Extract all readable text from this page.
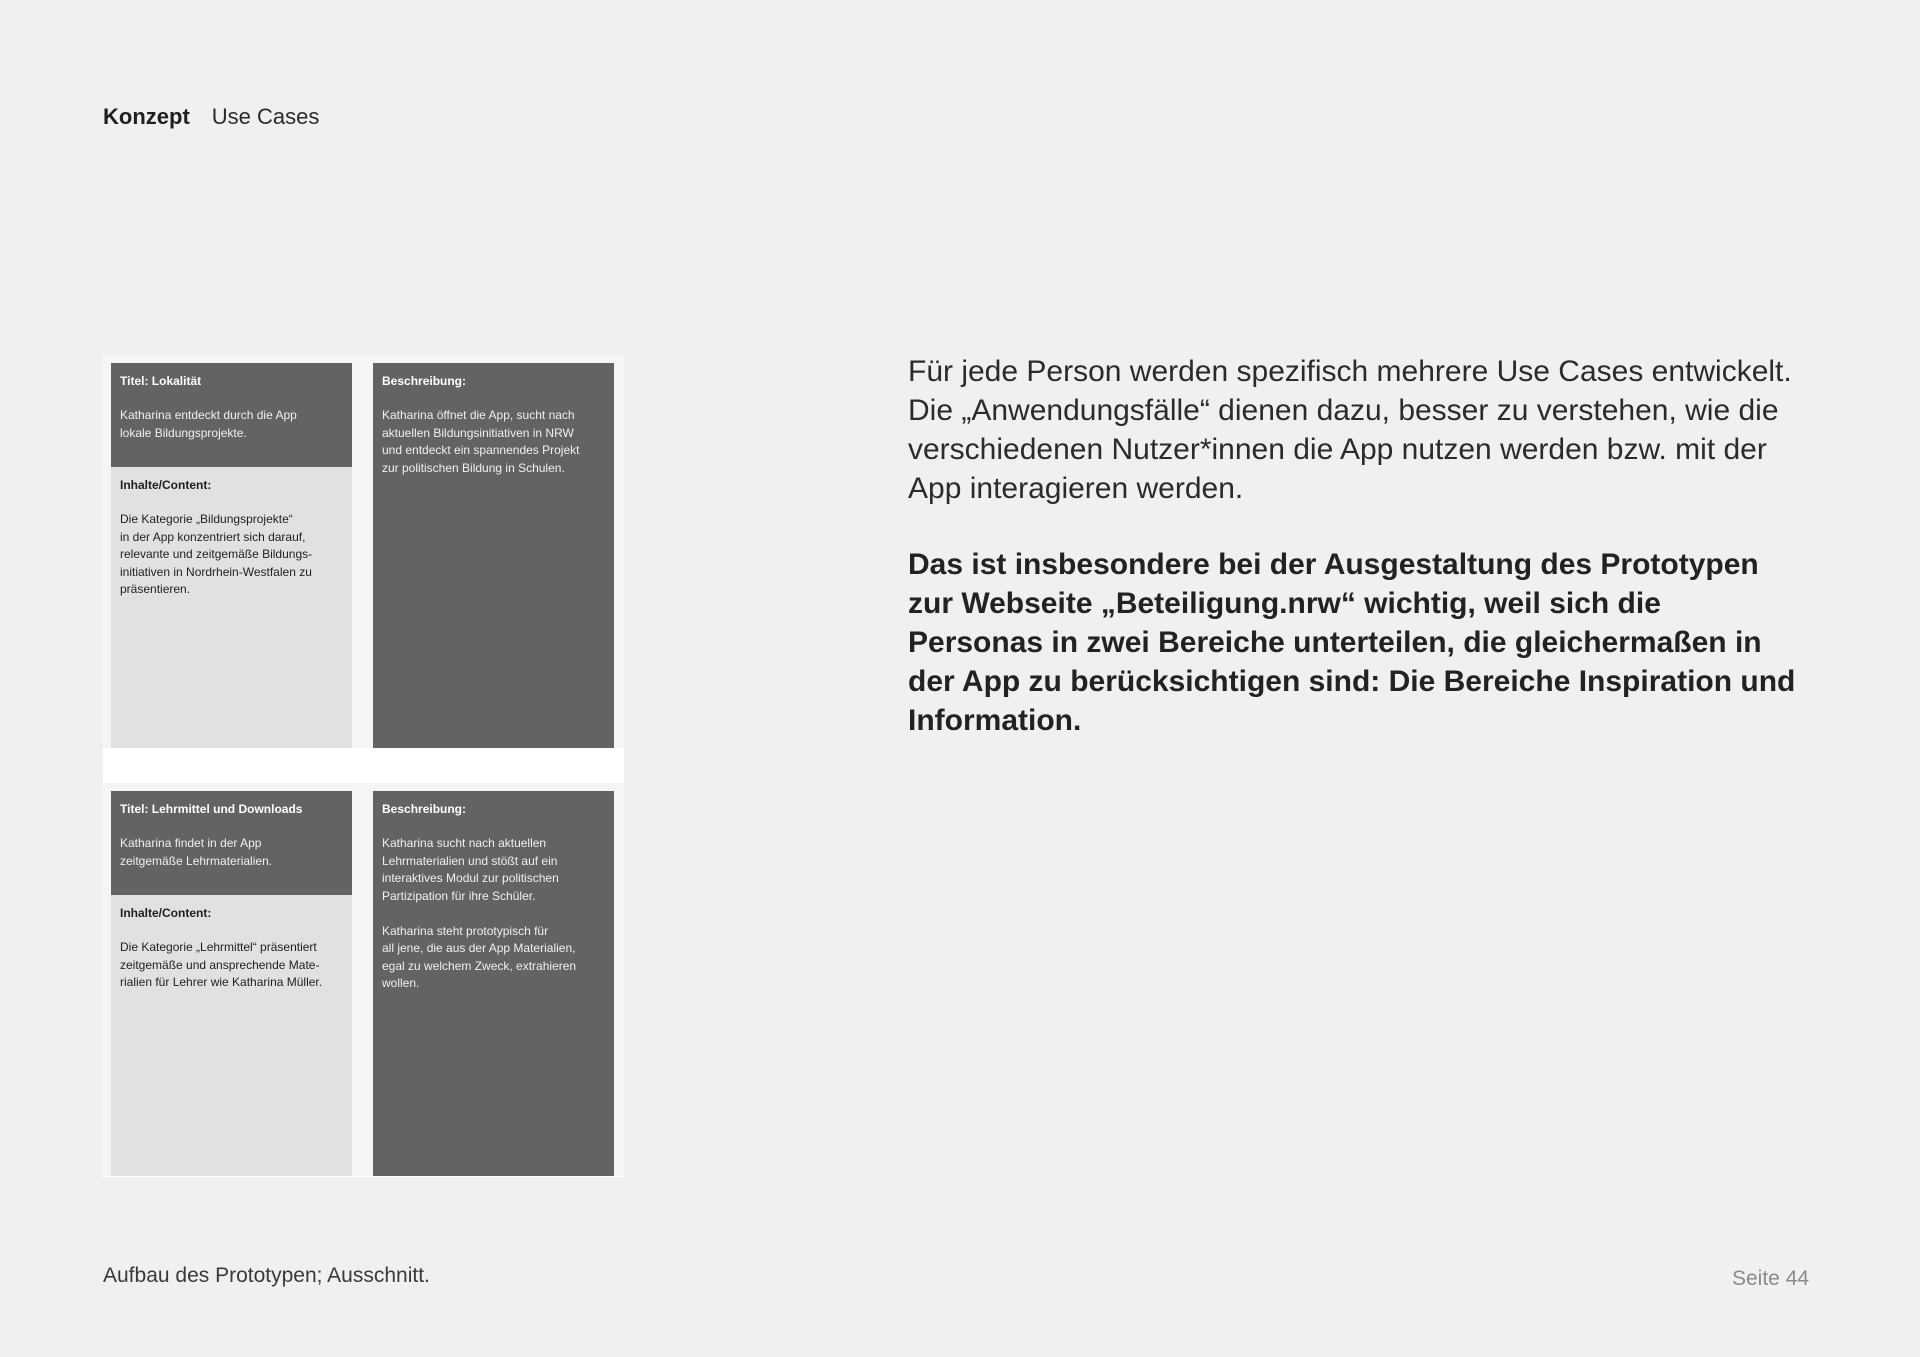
Konzept Use Cases
Titel: Lokalität
Katharina entdeckt durch die App
lokale Bildungsprojekte.
Inhalte/Content:
Die Kategorie „Bildungsprojekte“
in der App konzentriert sich darauf,
relevante und zeitgemäße Bildungs-
initiativen in Nordrhein-Westfalen zu
präsentieren.
Beschreibung:
Katharina öffnet die App, sucht nach
aktuellen Bildungsinitiativen in NRW
und entdeckt ein spannendes Projekt
zur politischen Bildung in Schulen.
Titel: Lehrmittel und Downloads
Katharina findet in der App
zeitgemäße Lehrmaterialien.
Inhalte/Content:
Die Kategorie „Lehrmittel“ präsentiert
zeitgemäße und ansprechende Mate-
rialien für Lehrer wie Katharina Müller.
Beschreibung:
Katharina sucht nach aktuellen
Lehrmaterialien und stößt auf ein
interaktives Modul zur politischen
Partizipation für ihre Schüler.

Katharina steht prototypisch für
all jene, die aus der App Materialien,
egal zu welchem Zweck, extrahieren
wollen.

Für jede Person werden spezifisch mehrere Use Cases entwickelt. Die „Anwendungsfälle“ dienen dazu, besser zu verstehen, wie die verschiedenen Nutzer*innen die App nutzen werden bzw. mit der App interagieren werden.

Das ist insbesondere bei der Ausgestaltung des Prototypen zur Webseite „Beteiligung.nrw“ wichtig, weil sich die Personas in zwei Bereiche unterteilen, die gleichermaßen in der App zu berücksichtigen sind: Die Bereiche Inspiration und Information.

Aufbau des Prototypen; Ausschnitt.	Seite 44
